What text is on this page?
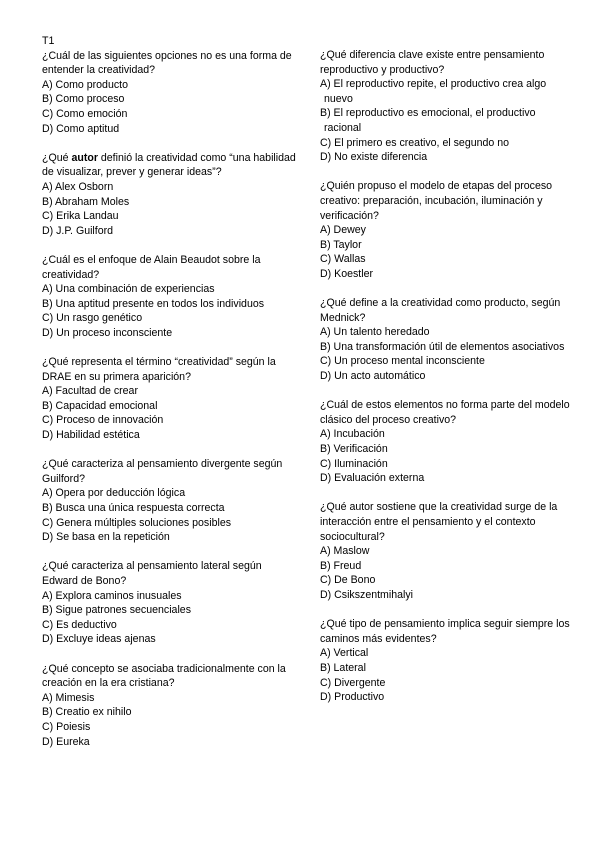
T1

¿Cuál de las siguientes opciones no es una forma de entender la creatividad?

A) Como producto
B) Como proceso
C) Como emoción
D) Como aptitud

¿Qué autor definió la creatividad como “una habilidad de visualizar, prever y generar ideas”?

A) Alex Osborn
B) Abraham Moles
C) Erika Landau
D) J.P. Guilford

¿Cuál es el enfoque de Alain Beaudot sobre la creatividad?

A) Una combinación de experiencias
B) Una aptitud presente en todos los individuos
C) Un rasgo genético
D) Un proceso inconsciente

¿Qué representa el término “creatividad” según la DRAE en su primera aparición?

A) Facultad de crear
B) Capacidad emocional
C) Proceso de innovación
D) Habilidad estética

¿Qué caracteriza al pensamiento divergente según Guilford?

A) Opera por deducción lógica
B) Busca una única respuesta correcta
C) Genera múltiples soluciones posibles
D) Se basa en la repetición

¿Qué caracteriza al pensamiento lateral según Edward de Bono?

A) Explora caminos inusuales
B) Sigue patrones secuenciales
C) Es deductivo
D) Excluye ideas ajenas

¿Qué concepto se asociaba tradicionalmente con la creación en la era cristiana?

A) Mimesis
B) Creatio ex nihilo
C) Poiesis
D) Eureka

¿Qué diferencia clave existe entre pensamiento reproductivo y productivo?

A) El reproductivo repite, el productivo crea algo nuevo
B) El reproductivo es emocional, el productivo racional
C) El primero es creativo, el segundo no
D) No existe diferencia

¿Quién propuso el modelo de etapas del proceso creativo: preparación, incubación, iluminación y verificación?

A) Dewey
B) Taylor
C) Wallas
D) Koestler

¿Qué define a la creatividad como producto, según Mednick?

A) Un talento heredado
B) Una transformación útil de elementos asociativos
C) Un proceso mental inconsciente
D) Un acto automático

¿Cuál de estos elementos no forma parte del modelo clásico del proceso creativo?

A) Incubación
B) Verificación
C) Iluminación
D) Evaluación externa

¿Qué autor sostiene que la creatividad surge de la interacción entre el pensamiento y el contexto sociocultural?

A) Maslow
B) Freud
C) De Bono
D) Csikszentmihalyi

¿Qué tipo de pensamiento implica seguir siempre los caminos más evidentes?

A) Vertical
B) Lateral
C) Divergente
D) Productivo
